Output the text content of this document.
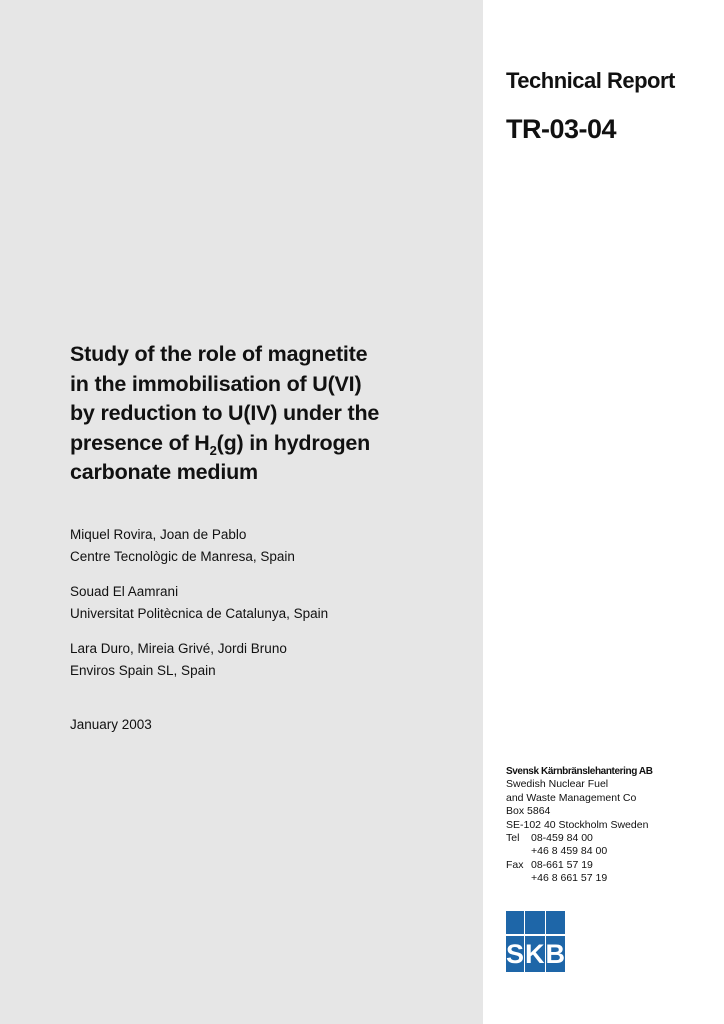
Technical Report
TR-03-04
Study of the role of magnetite
in the immobilisation of U(VI)
by reduction to U(IV) under the
presence of $H_2(g)$ in hydrogen
carbonate medium
Miquel Rovira, Joan de Pablo
Centre Tecnològic de Manresa, Spain
Souad El Aamrani
Universitat Politècnica de Catalunya, Spain
Lara Duro, Mireia Grivé, Jordi Bruno
Enviros Spain SL, Spain
January 2003
Svensk Kärnbränslehantering AB
Swedish Nuclear Fuel
and Waste Management Co
Box 5864
SE-102 40 Stockholm Sweden
Tel	08-459 84 00
+46 8 459 84 00
Fax 08-661 57 19
+46 8 661 57 19
S K B
